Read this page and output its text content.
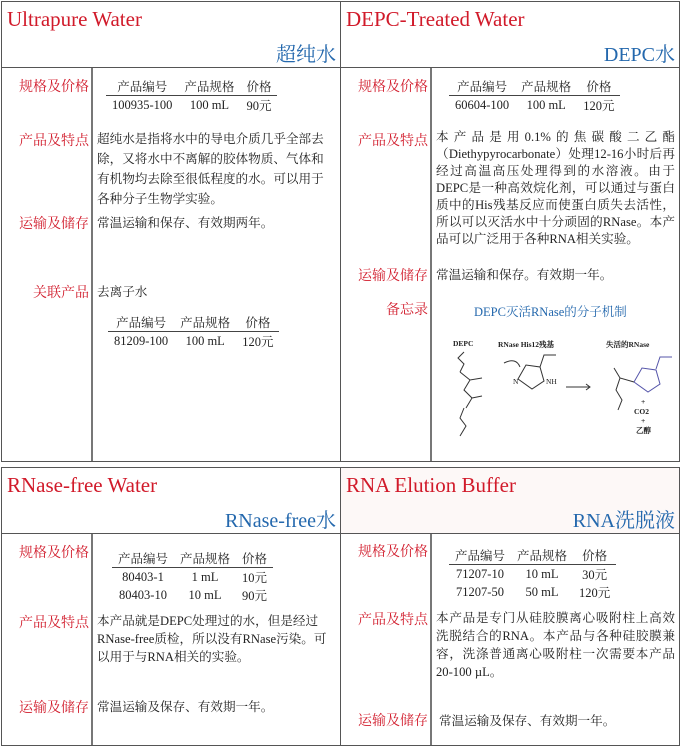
Ultrapure Water
超纯水
规格及价格 产品编号	产品规格	价格
100935-100	100 mL	90元
产品及特点 超纯水是指将水中的导电介质几乎全部去除，又将水中不离解的胶体物质、气体和有机物均去除至很低程度的水。可以用于各种分子生物学实验。
运输及储存 常温运输和保存、有效期两年。
关联产品 去离子水
产品编号	产品规格	价格
81209-100	100 mL	120元
DEPC-Treated Water
DEPC水
规格及价格 产品编号	产品规格	价格
60604-100	100 mL	120元
产品及特点 本产品是用0.1%的焦碳酸二乙酯（Diethypyrocarbonate）处理12-16小时后再经过高温高压处理得到的水溶液。由于DEPC是一种高效烷化剂，可以通过与蛋白质中的His残基反应而使蛋白质失去活性，所以可以灭活水中十分顽固的RNase。本产品可以广泛用于各种RNA相关实验。
运输及储存 常温运输和保存。有效期一年。
备忘录	DEPC灭活RNase的分子机制
DEPC	RNase His12残基	失活的RNase
+
CO2
+
乙醇
N	NH
RNase-free Water
RNase-free水
规格及价格 产品编号	产品规格	价格
80403-1	1 mL	10元
80403-10	10 mL	90元
产品及特点 本产品就是DEPC处理过的水，但是经过RNase-free质检，所以没有RNase污染。可以用于与RNA相关的实验。
运输及储存 常温运输及保存、有效期一年。
RNA Elution Buffer
RNA洗脱液
规格及价格 产品编号	产品规格	价格
71207-10	10 mL	30元
71207-50	50 mL	120元
产品及特点 本产品是专门从硅胶膜离心吸附柱上高效洗脱结合的RNA。本产品与各种硅胶膜兼容，洗涤普通离心吸附柱一次需要本产品20-100 µL。
运输及储存 常温运输及保存、有效期一年。
